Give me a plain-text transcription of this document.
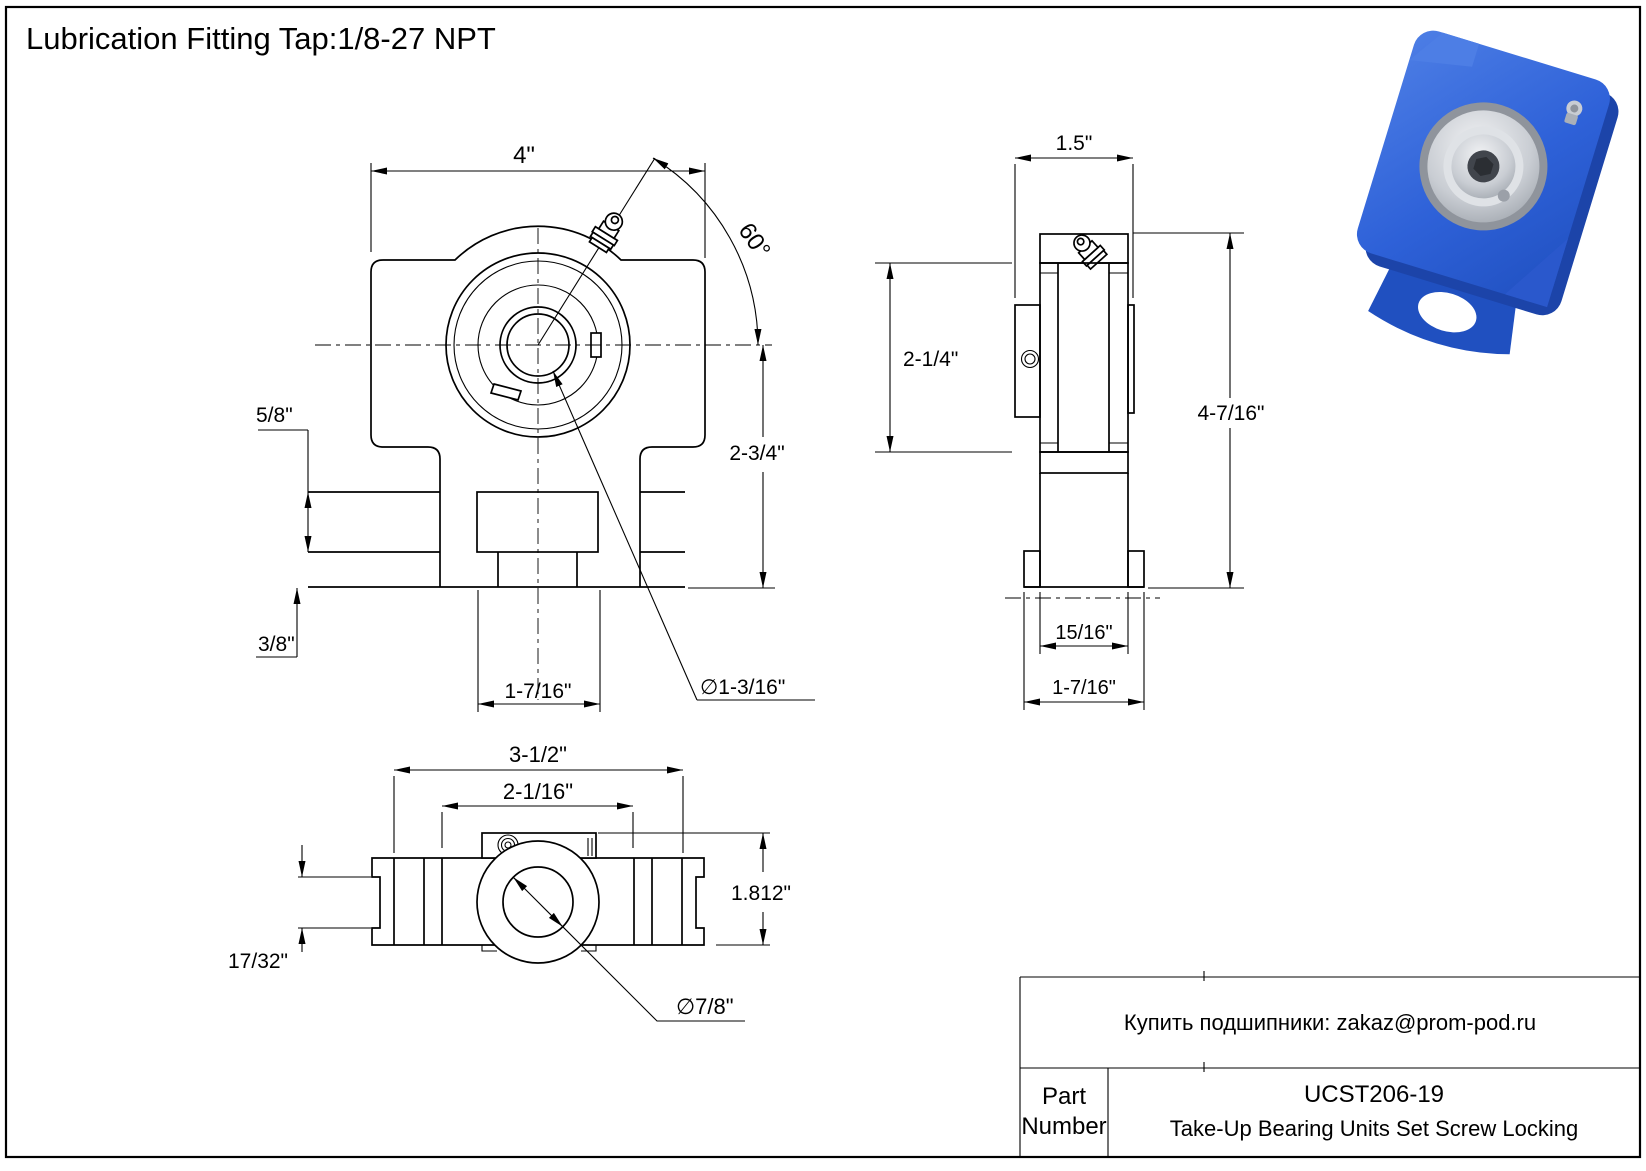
Lubrication Fitting Tap:1/8-27 NPT
4"
60°
2-3/4"
5/8"
3/8"
1-7/16"	∅1-3/16"
1.5"
2-1/4"
4-7/16"
15/16"
1-7/16"
3-1/2"
2-1/16"
1.812"
17/32"
∅7/8"
Купить подшипники: zakaz@prom-pod.ru
Part
Number
UCST206-19
Take-Up Bearing Units Set Screw Locking
